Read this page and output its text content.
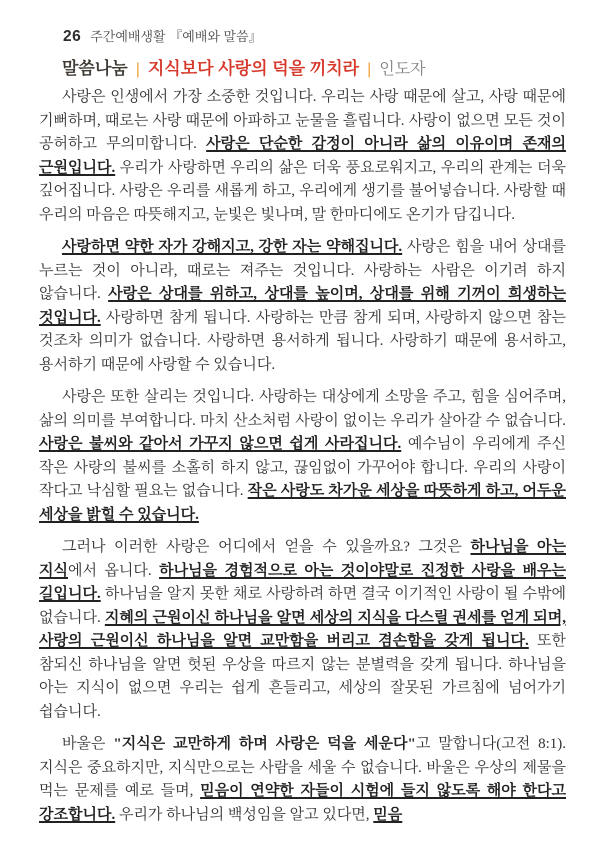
26 주간예배생활 『예배와 말씀』
말씀나눔 | 지식보다 사랑의 덕을 끼치라 | 인도자

사랑은 인생에서 가장 소중한 것입니다. 우리는 사랑 때문에 살고, 사랑 때문에 기뻐하며, 때로는 사랑 때문에 아파하고 눈물을 흘립니다. 사랑이 없으면 모든 것이 공허하고 무의미합니다. 사랑은 단순한 감정이 아니라 삶의 이유이며 존재의 근원입니다. 우리가 사랑하면 우리의 삶은 더욱 풍요로워지고, 우리의 관계는 더욱 깊어집니다. 사랑은 우리를 새롭게 하고, 우리에게 생기를 불어넣습니다. 사랑할 때 우리의 마음은 따뜻해지고, 눈빛은 빛나며, 말 한마디에도 온기가 담깁니다.

사랑하면 약한 자가 강해지고, 강한 자는 약해집니다. 사랑은 힘을 내어 상대를 누르는 것이 아니라, 때로는 져주는 것입니다. 사랑하는 사람은 이기려 하지 않습니다. 사랑은 상대를 위하고, 상대를 높이며, 상대를 위해 기꺼이 희생하는 것입니다. 사랑하면 참게 됩니다. 사랑하는 만큼 참게 되며, 사랑하지 않으면 참는 것조차 의미가 없습니다. 사랑하면 용서하게 됩니다. 사랑하기 때문에 용서하고, 용서하기 때문에 사랑할 수 있습니다.

사랑은 또한 살리는 것입니다. 사랑하는 대상에게 소망을 주고, 힘을 심어주며, 삶의 의미를 부여합니다. 마치 산소처럼 사랑이 없이는 우리가 살아갈 수 없습니다. 사랑은 불씨와 같아서 가꾸지 않으면 쉽게 사라집니다. 예수님이 우리에게 주신 작은 사랑의 불씨를 소홀히 하지 않고, 끊임없이 가꾸어야 합니다. 우리의 사랑이 작다고 낙심할 필요는 없습니다. 작은 사랑도 차가운 세상을 따뜻하게 하고, 어두운 세상을 밝힐 수 있습니다.

그러나 이러한 사랑은 어디에서 얻을 수 있을까요? 그것은 하나님을 아는 지식에서 옵니다. 하나님을 경험적으로 아는 것이야말로 진정한 사랑을 배우는 길입니다. 하나님을 알지 못한 채로 사랑하려 하면 결국 이기적인 사랑이 될 수밖에 없습니다. 지혜의 근원이신 하나님을 알면 세상의 지식을 다스릴 권세를 얻게 되며, 사랑의 근원이신 하나님을 알면 교만함을 버리고 겸손함을 갖게 됩니다. 또한 참되신 하나님을 알면 헛된 우상을 따르지 않는 분별력을 갖게 됩니다. 하나님을 아는 지식이 없으면 우리는 쉽게 흔들리고, 세상의 잘못된 가르침에 넘어가기 쉽습니다.

바울은 "지식은 교만하게 하며 사랑은 덕을 세운다"고 말합니다(고전 8:1). 지식은 중요하지만, 지식만으로는 사람을 세울 수 없습니다. 바울은 우상의 제물을 먹는 문제를 예로 들며, 믿음이 연약한 자들이 시험에 들지 않도록 해야 한다고 강조합니다. 우리가 하나님의 백성임을 알고 있다면, 믿음
